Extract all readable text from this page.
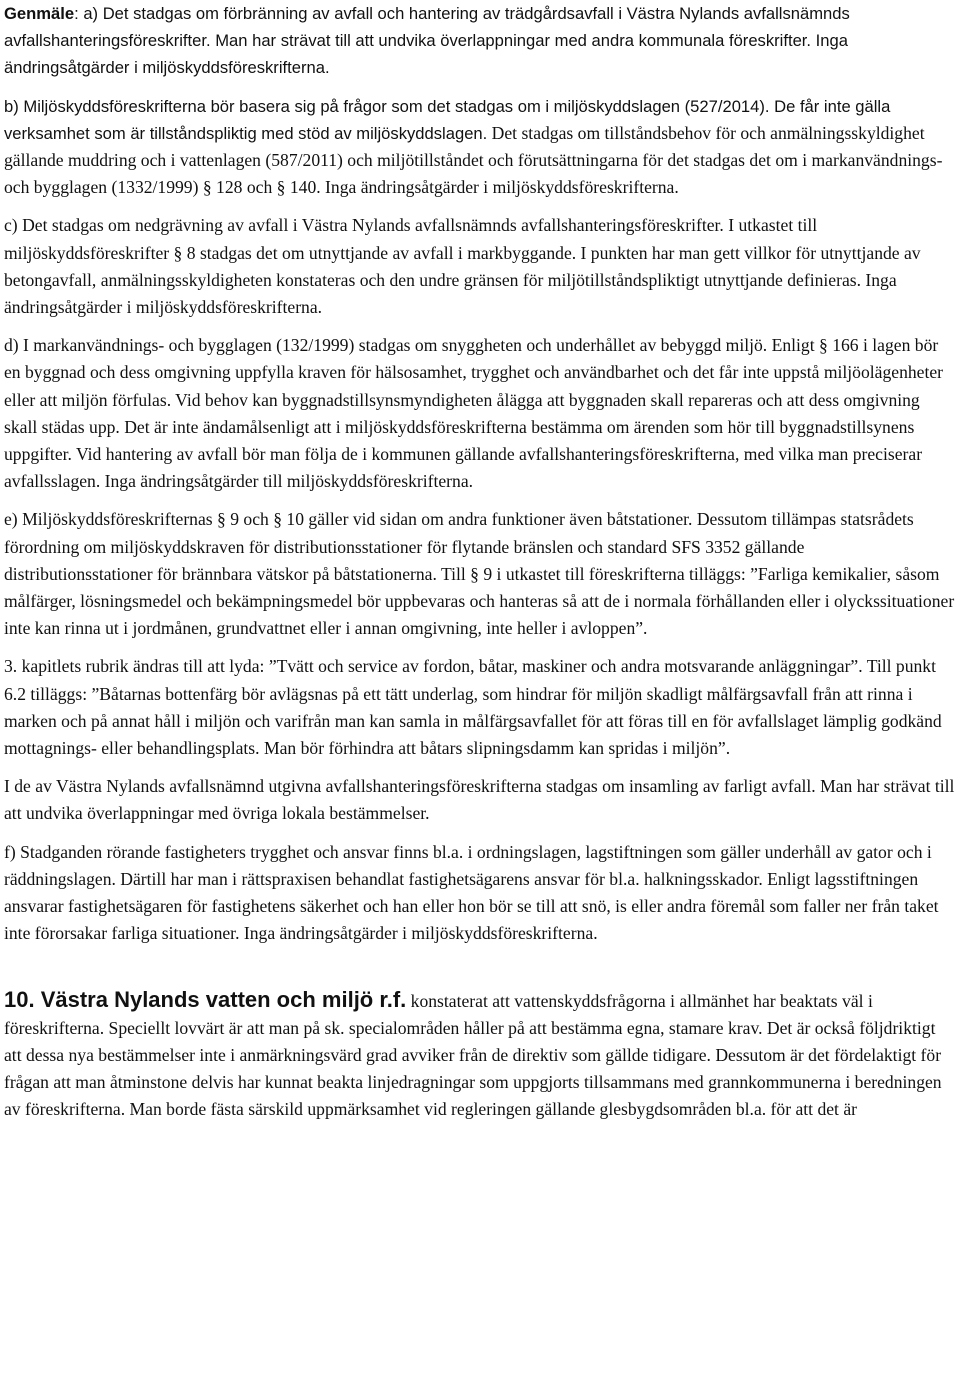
Genmäle: a) Det stadgas om förbränning av avfall och hantering av trädgårdsavfall i Västra Nylands avfallsnämnds avfallshanteringsföreskrifter. Man har strävat till att undvika överlappningar med andra kommunala föreskrifter. Inga ändringsåtgärder i miljöskyddsföreskrifterna.

b) Miljöskyddsföreskrifterna bör basera sig på frågor som det stadgas om i miljöskyddslagen (527/2014). De får inte gälla verksamhet som är tillståndspliktig med stöd av miljöskyddslagen. Det stadgas om tillståndsbehov för och anmälningsskyldighet gällande muddring och i vattenlagen (587/2011) och miljötillståndet och förutsättningarna för det stadgas det om i markanvändnings- och bygglagen (1332/1999) § 128 och § 140. Inga ändringsåtgärder i miljöskyddsföreskrifterna.

c) Det stadgas om nedgrävning av avfall i Västra Nylands avfallsnämnds avfallshanteringsföreskrifter. I utkastet till miljöskyddsföreskrifter § 8 stadgas det om utnyttjande av avfall i markbyggande. I punkten har man gett villkor för utnyttjande av betongavfall, anmälningsskyldigheten konstateras och den undre gränsen för miljötillståndspliktigt utnyttjande definieras. Inga ändringsåtgärder i miljöskyddsföreskrifterna.

d) I markanvändnings- och bygglagen (132/1999) stadgas om snyggheten och underhållet av bebyggd miljö. Enligt § 166 i lagen bör en byggnad och dess omgivning uppfylla kraven för hälsosamhet, trygghet och användbarhet och det får inte uppstå miljöolägenheter eller att miljön förfulas. Vid behov kan byggnadstillsynsmyndigheten ålägga att byggnaden skall repareras och att dess omgivning skall städas upp. Det är inte ändamålsenligt att i miljöskyddsföreskrifterna bestämma om ärenden som hör till byggnadstillsynens uppgifter. Vid hantering av avfall bör man följa de i kommunen gällande avfallshanteringsföreskrifterna, med vilka man preciserar avfallsslagen. Inga ändringsåtgärder till miljöskyddsföreskrifterna.

e) Miljöskyddsföreskrifternas § 9 och § 10 gäller vid sidan om andra funktioner även båtstationer. Dessutom tillämpas statsrådets förordning om miljöskyddskraven för distributionsstationer för flytande bränslen och standard SFS 3352 gällande distributionsstationer för brännbara vätskor på båtstationerna. Till § 9 i utkastet till föreskrifterna tilläggs: ”Farliga kemikalier, såsom målfärger, lösningsmedel och bekämpningsmedel bör uppbevaras och hanteras så att de i normala förhållanden eller i olyckssituationer inte kan rinna ut i jordmånen, grundvattnet eller i annan omgivning, inte heller i avloppen”.

3. kapitlets rubrik ändras till att lyda: ”Tvätt och service av fordon, båtar, maskiner och andra motsvarande anläggningar”. Till punkt 6.2 tilläggs: ”Båtarnas bottenfärg bör avlägsnas på ett tätt underlag, som hindrar för miljön skadligt målfärgsavfall från att rinna i marken och på annat håll i miljön och varifrån man kan samla in målfärgsavfallet för att föras till en för avfallslaget lämplig godkänd mottagnings- eller behandlingsplats. Man bör förhindra att båtars slipningsdamm kan spridas i miljön”.

I de av Västra Nylands avfallsnämnd utgivna avfallshanteringsföreskrifterna stadgas om insamling av farligt avfall. Man har strävat till att undvika överlappningar med övriga lokala bestämmelser.

f) Stadganden rörande fastigheters trygghet och ansvar finns bl.a. i ordningslagen, lagstiftningen som gäller underhåll av gator och i räddningslagen. Därtill har man i rättspraxisen behandlat fastighetsägarens ansvar för bl.a. halkningsskador. Enligt lagsstiftningen ansvarar fastighetsägaren för fastighetens säkerhet och han eller hon bör se till att snö, is eller andra föremål som faller ner från taket inte förorsakar farliga situationer. Inga ändringsåtgärder i miljöskyddsföreskrifterna.

10. Västra Nylands vatten och miljö r.f. konstaterat att vattenskyddsfrågorna i allmänhet har beaktats väl i föreskrifterna. Speciellt lovvärt är att man på sk. specialområden håller på att bestämma egna, stamare krav. Det är också följdriktigt att dessa nya bestämmelser inte i anmärkningsvärd grad avviker från de direktiv som gällde tidigare. Dessutom är det fördelaktigt för frågan att man åtminstone delvis har kunnat beakta linjedragningar som uppgjorts tillsammans med grannkommunerna i beredningen av föreskrifterna. Man borde fästa särskild uppmärksamhet vid regleringen gällande glesbygdsområden bl.a. för att det är
